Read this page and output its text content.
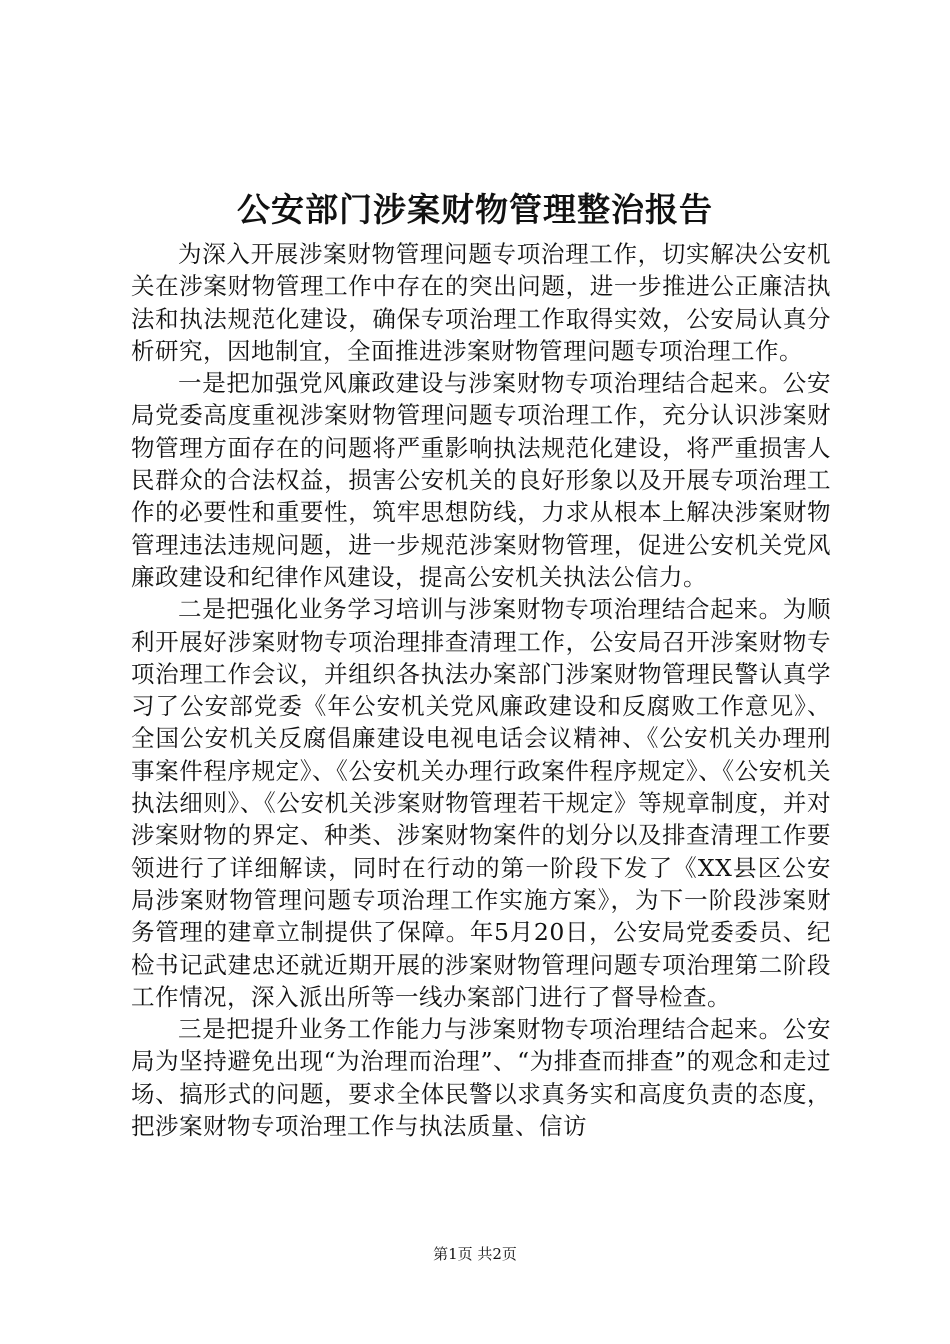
公安部门涉案财物管理整治报告

为深入开展涉案财物管理问题专项治理工作，切实解决公安机关在涉案财物管理工作中存在的突出问题，进一步推进公正廉洁执法和执法规范化建设，确保专项治理工作取得实效，公安局认真分析研究，因地制宜，全面推进涉案财物管理问题专项治理工作。

一是把加强党风廉政建设与涉案财物专项治理结合起来。公安局党委高度重视涉案财物管理问题专项治理工作，充分认识涉案财物管理方面存在的问题将严重影响执法规范化建设，将严重损害人民群众的合法权益，损害公安机关的良好形象以及开展专项治理工作的必要性和重要性，筑牢思想防线，力求从根本上解决涉案财物管理违法违规问题，进一步规范涉案财物管理，促进公安机关党风廉政建设和纪律作风建设，提高公安机关执法公信力。

二是把强化业务学习培训与涉案财物专项治理结合起来。为顺利开展好涉案财物专项治理排查清理工作，公安局召开涉案财物专项治理工作会议，并组织各执法办案部门涉案财物管理民警认真学习了公安部党委《年公安机关党风廉政建设和反腐败工作意见》、全国公安机关反腐倡廉建设电视电话会议精神、《公安机关办理刑事案件程序规定》、《公安机关办理行政案件程序规定》、《公安机关执法细则》、《公安机关涉案财物管理若干规定》等规章制度，并对涉案财物的界定、种类、涉案财物案件的划分以及排查清理工作要领进行了详细解读，同时在行动的第一阶段下发了《XX县区公安局涉案财物管理问题专项治理工作实施方案》，为下一阶段涉案财务管理的建章立制提供了保障。年5月20日，公安局党委委员、纪检书记武建忠还就近期开展的涉案财物管理问题专项治理第二阶段工作情况，深入派出所等一线办案部门进行了督导检查。

三是把提升业务工作能力与涉案财物专项治理结合起来。公安局为坚持避免出现“为治理而治理”、“为排查而排查”的观念和走过场、搞形式的问题，要求全体民警以求真务实和高度负责的态度，把涉案财物专项治理工作与执法质量、信访

第1页 共2页
